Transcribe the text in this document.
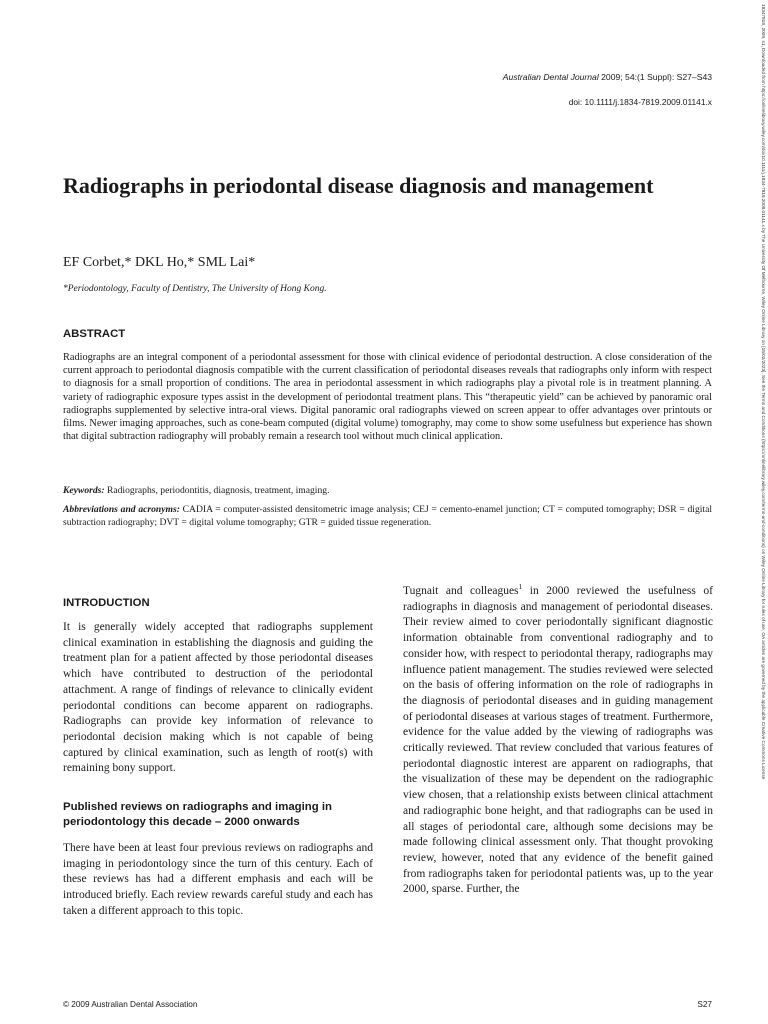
Australian Dental Journal 2009; 54:(1 Suppl): S27–S43
doi: 10.1111/j.1834-7819.2009.01141.x
Radiographs in periodontal disease diagnosis and management
EF Corbet,* DKL Ho,* SML Lai*
*Periodontology, Faculty of Dentistry, The University of Hong Kong.
ABSTRACT

Radiographs are an integral component of a periodontal assessment for those with clinical evidence of periodontal destruction. A close consideration of the current approach to periodontal diagnosis compatible with the current classification of periodontal diseases reveals that radiographs only inform with respect to diagnosis for a small proportion of conditions. The area in periodontal assessment in which radiographs play a pivotal role is in treatment planning. A variety of radiographic exposure types assist in the development of periodontal treatment plans. This “therapeutic yield” can be achieved by panoramic oral radiographs supplemented by selective intra-oral views. Digital panoramic oral radiographs viewed on screen appear to offer advantages over printouts or films. Newer imaging approaches, such as cone-beam computed (digital volume) tomography, may come to show some usefulness but experience has shown that digital subtraction radiography will probably remain a research tool without much clinical application.

Keywords: Radiographs, periodontitis, diagnosis, treatment, imaging.

Abbreviations and acronyms: CADIA = computer-assisted densitometric image analysis; CEJ = cemento-enamel junction; CT = computed tomography; DSR = digital subtraction radiography; DVT = digital volume tomography; GTR = guided tissue regeneration.

INTRODUCTION

It is generally widely accepted that radiographs supplement clinical examination in establishing the diagnosis and guiding the treatment plan for a patient affected by those periodontal diseases which have contributed to destruction of the periodontal attachment. A range of findings of relevance to clinically evident periodontal conditions can become apparent on radiographs. Radiographs can provide key information of relevance to periodontal decision making which is not capable of being captured by clinical examination, such as length of root(s) with remaining bony support.

Published reviews on radiographs and imaging in periodontology this decade – 2000 onwards

There have been at least four previous reviews on radiographs and imaging in periodontology since the turn of this century. Each of these reviews has had a different emphasis and each will be introduced briefly. Each review rewards careful study and each has taken a different approach to this topic.

Tugnait and colleagues$^1$ in 2000 reviewed the usefulness of radiographs in diagnosis and management of periodontal diseases. Their review aimed to cover periodontally significant diagnostic information obtainable from conventional radiography and to consider how, with respect to periodontal therapy, radiographs may influence patient management. The studies reviewed were selected on the basis of offering information on the role of radiographs in the diagnosis of periodontal diseases and in guiding management of periodontal diseases at various stages of treatment. Furthermore, evidence for the value added by the viewing of radiographs was critically reviewed. That review concluded that various features of periodontal diagnostic interest are apparent on radiographs, that the visualization of these may be dependent on the radiographic view chosen, that a relationship exists between clinical attachment and radiographic bone height, and that radiographs can be used in all stages of periodontal care, although some decisions may be made following clinical assessment only. That thought provoking review, however, noted that any evidence of the benefit gained from radiographs taken for periodontal patients was, up to the year 2000, sparse. Further, the

© 2009 Australian Dental Association	S27
18347819, 2009, s1, Downloaded from https://onlinelibrary.wiley.com/doi/10.1111/j.1834-7819.2009.01141.x by The University Of Melbourne, Wiley Online Library on [15/02/2023]. See the Terms and Conditions (https://onlinelibrary.wiley.com/terms-and-conditions) on Wiley Online Library for rules of use; OA articles are governed by the applicable Creative Commons License
